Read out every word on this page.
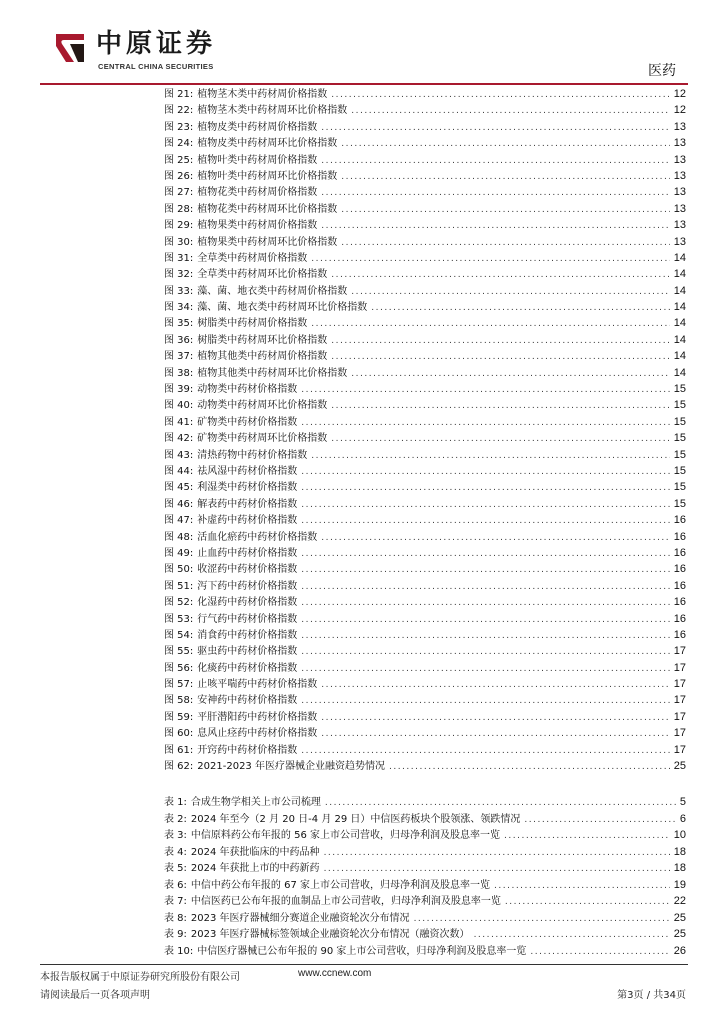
中原证券
CENTRAL CHINA SECURITIES	医药
图 21: 植物茎木类中药材周价格指数 .....	12
图 22: 植物茎木类中药材周环比价格指数 .....	12
图 23: 植物皮类中药材周价格指数 .....	13
图 24: 植物皮类中药材周环比价格指数 .....	13
图 25: 植物叶类中药材周价格指数 .....	13
图 26: 植物叶类中药材周环比价格指数 .....	13
图 27: 植物花类中药材周价格指数 .....	13
图 28: 植物花类中药材周环比价格指数 .....	13
图 29: 植物果类中药材周价格指数 .....	13
图 30: 植物果类中药材周环比价格指数 .....	13
图 31: 全草类中药材周价格指数 .....	14
图 32: 全草类中药材周环比价格指数 .....	14
图 33: 藻、菌、地衣类中药材周价格指数 .....	14
图 34: 藻、菌、地衣类中药材周环比价格指数 .....	14
图 35: 树脂类中药材周价格指数 .....	14
图 36: 树脂类中药材周环比价格指数 .....	14
图 37: 植物其他类中药材周价格指数 .....	14
图 38: 植物其他类中药材周环比价格指数 .....	14
图 39: 动物类中药材价格指数 .....	15
图 40: 动物类中药材周环比价格指数 .....	15
图 41: 矿物类中药材价格指数 .....	15
图 42: 矿物类中药材周环比价格指数 .....	15
图 43: 清热药物中药材价格指数 .....	15
图 44: 祛风湿中药材价格指数 .....	15
图 45: 利湿类中药材价格指数 .....	15
图 46: 解表药中药材价格指数 .....	15
图 47: 补虚药中药材价格指数 .....	16
图 48: 活血化瘀药中药材价格指数 .....	16
图 49: 止血药中药材价格指数 .....	16
图 50: 收涩药中药材价格指数 .....	16
图 51: 泻下药中药材价格指数 .....	16
图 52: 化湿药中药材价格指数 .....	16
图 53: 行气药中药材价格指数 .....	16
图 54: 消食药中药材价格指数 .....	16
图 55: 驱虫药中药材价格指数 .....	17
图 56: 化痰药中药材价格指数 .....	17
图 57: 止咳平喘药中药材价格指数 .....	17
图 58: 安神药中药材价格指数 .....	17
图 59: 平肝潜阳药中药材价格指数 .....	17
图 60: 息风止痉药中药材价格指数 .....	17
图 61: 开窍药中药材价格指数 .....	17
图 62: 2021-2023 年医疗器械企业融资趋势情况 .....	25
表 1: 合成生物学相关上市公司梳理 .....	5
表 2: 2024 年至今（2 月 20 日-4 月 29 日）中信医药板块个股领涨、领跌情况 .....	6
表 3: 中信原料药公布年报的 56 家上市公司营收，归母净利润及股息率一览 .....	10
表 4: 2024 年获批临床的中药品种 .....	18
表 5: 2024 年获批上市的中药新药 .....	18
表 6: 中信中药公布年报的 67 家上市公司营收，归母净利润及股息率一览 .....	19
表 7: 中信医药已公布年报的血制品上市公司营收，归母净利润及股息率一览 .....	22
表 8: 2023 年医疗器械细分赛道企业融资轮次分布情况 .....	25
表 9: 2023 年医疗器械标签领域企业融资轮次分布情况（融资次数） .....	25
表 10: 中信医疗器械已公布年报的 90 家上市公司营收，归母净利润及股息率一览 .....	26
本报告版权属于中原证券研究所股份有限公司	www.ccnew.com
请阅读最后一页各项声明	第3页 / 共34页
